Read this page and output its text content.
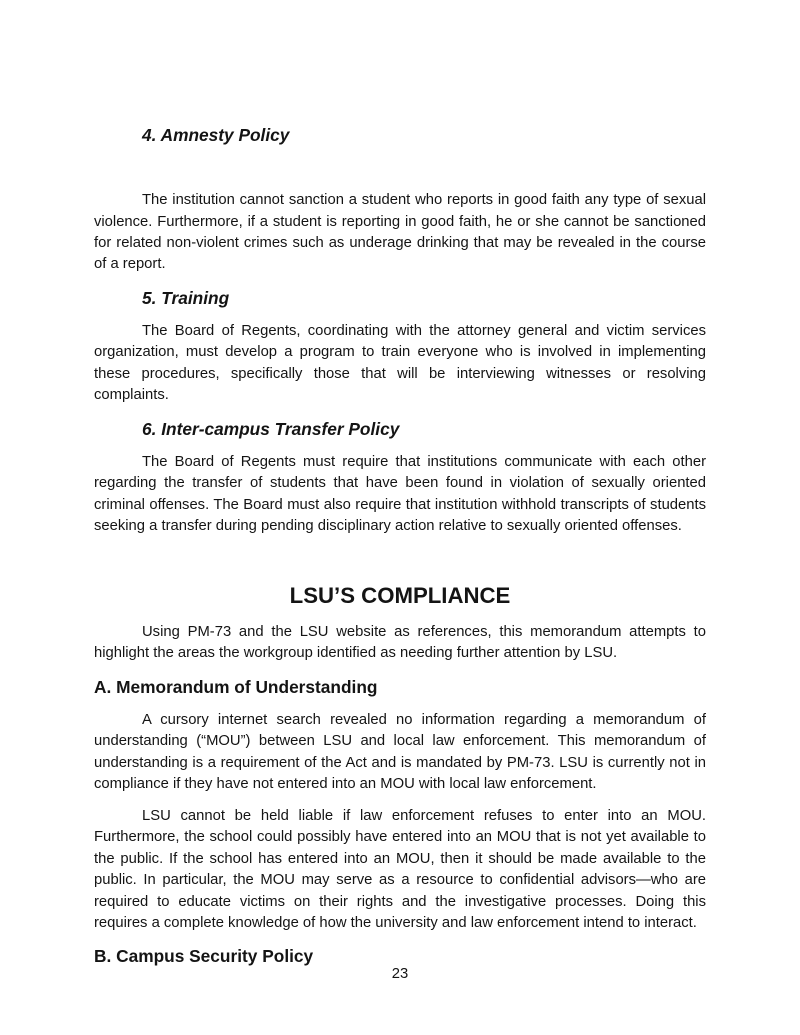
4. Amnesty Policy

The institution cannot sanction a student who reports in good faith any type of sexual violence. Furthermore, if a student is reporting in good faith, he or she cannot be sanctioned for related non-violent crimes such as underage drinking that may be revealed in the course of a report.

5. Training

The Board of Regents, coordinating with the attorney general and victim services organization, must develop a program to train everyone who is involved in implementing these procedures, specifically those that will be interviewing witnesses or resolving complaints.

6. Inter-campus Transfer Policy

The Board of Regents must require that institutions communicate with each other regarding the transfer of students that have been found in violation of sexually oriented criminal offenses. The Board must also require that institution withhold transcripts of students seeking a transfer during pending disciplinary action relative to sexually oriented offenses.

LSU’S COMPLIANCE

Using PM-73 and the LSU website as references, this memorandum attempts to highlight the areas the workgroup identified as needing further attention by LSU.

A. Memorandum of Understanding

A cursory internet search revealed no information regarding a memorandum of understanding (“MOU”) between LSU and local law enforcement. This memorandum of understanding is a requirement of the Act and is mandated by PM-73. LSU is currently not in compliance if they have not entered into an MOU with local law enforcement.

LSU cannot be held liable if law enforcement refuses to enter into an MOU. Furthermore, the school could possibly have entered into an MOU that is not yet available to the public. If the school has entered into an MOU, then it should be made available to the public. In particular, the MOU may serve as a resource to confidential advisors—who are required to educate victims on their rights and the investigative processes. Doing this requires a complete knowledge of how the university and law enforcement intend to interact.

B. Campus Security Policy
23
